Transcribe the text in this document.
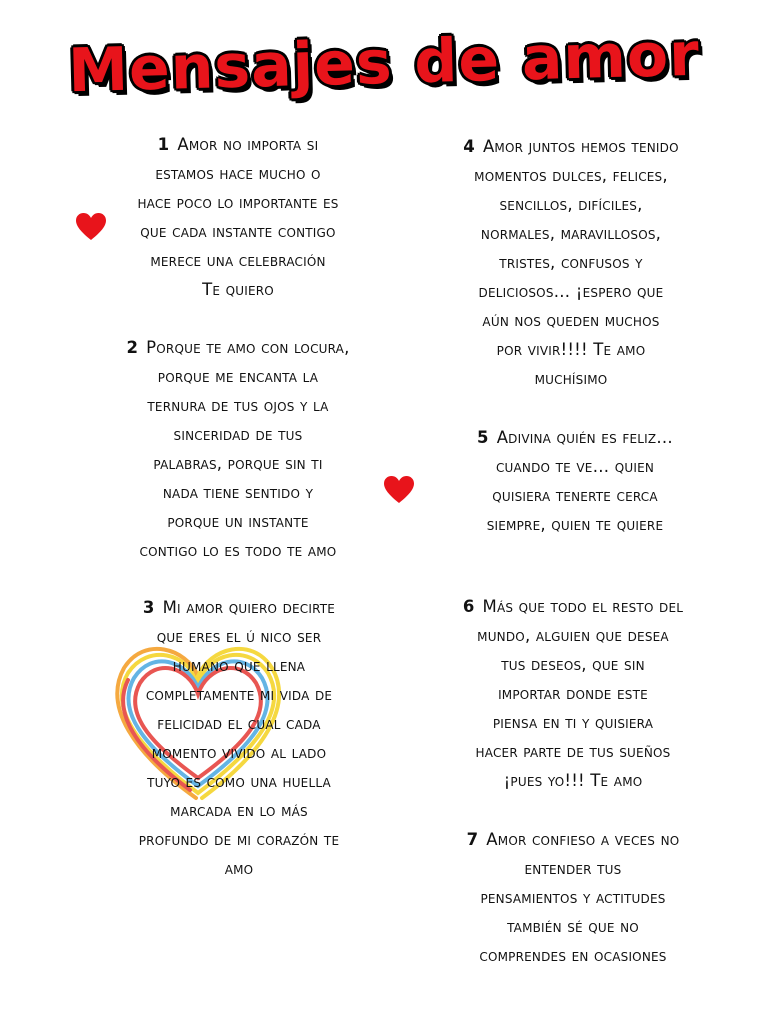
Mensajes de amor
1 Amor no importa si
estamos hace mucho o
hace poco lo importante es
que cada instante contigo
merece una celebración
Te quiero
2 Porque te amo con locura,
porque me encanta la
ternura de tus ojos y la
sinceridad de tus
palabras, porque sin ti
nada tiene sentido y
porque un instante
contigo lo es todo te amo
3 Mi amor quiero decirte
que eres el ú nico ser
humano que llena
completamente mi vida de
felicidad el cual cada
momento vivido al lado
tuyo es como una huella
marcada en lo más
profundo de mi corazón te
amo
4 Amor juntos hemos tenido
momentos dulces, felices,
sencillos, difíciles,
normales, maravillosos,
tristes, confusos y
deliciosos… ¡espero que
aún nos queden muchos
por vivir!!!! Te amo
muchísimo
5 Adivina quién es feliz…
cuando te ve… quien
quisiera tenerte cerca
siempre, quien te quiere
6 Más que todo el resto del
mundo, alguien que desea
tus deseos, que sin
importar donde este
piensa en ti y quisiera
hacer parte de tus sueños
¡pues yo!!! Te amo
7 Amor confieso a veces no
entender tus
pensamientos y actitudes
también sé que no
comprendes en ocasiones
